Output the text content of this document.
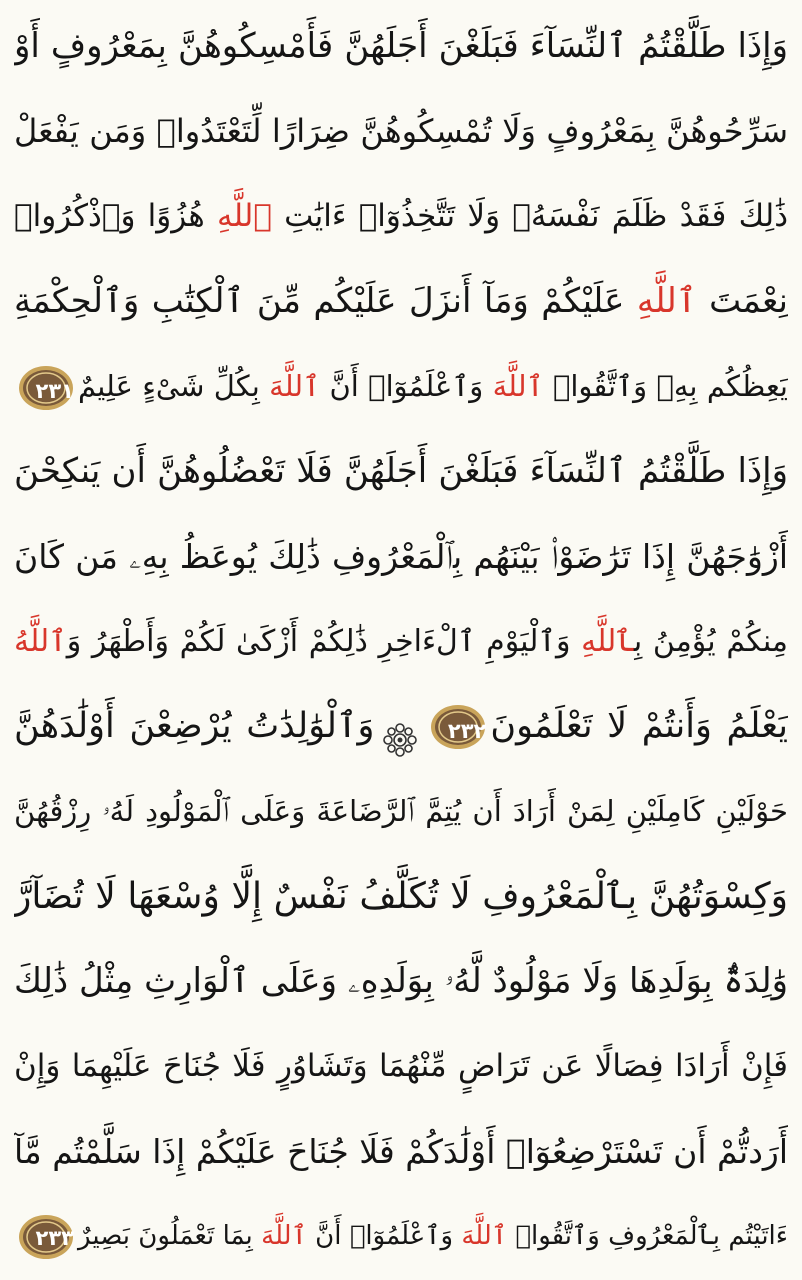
وَإِذَا طَلَّقْتُمُ ٱلنِّسَآءَ فَبَلَغْنَ أَجَلَهُنَّ فَأَمْسِكُوهُنَّ بِمَعْرُوفٍ أَوْ
سَرِّحُوهُنَّ بِمَعْرُوفٍ وَلَا تُمْسِكُوهُنَّ ضِرَارًا لِّتَعْتَدُوا۟ وَمَن يَفْعَلْ
ذَٰلِكَ فَقَدْ ظَلَمَ نَفْسَهُۥ وَلَا تَتَّخِذُوٓا۟ ءَايَٰتِ ٱللَّهِ هُزُوًا وَٱذْكُرُوا۟
نِعْمَتَ ٱللَّهِ عَلَيْكُمْ وَمَآ أَنزَلَ عَلَيْكُم مِّنَ ٱلْكِتَٰبِ وَٱلْحِكْمَةِ
يَعِظُكُم بِهِۦ وَٱتَّقُوا۟ ٱللَّهَ وَٱعْلَمُوٓا۟ أَنَّ ٱللَّهَ بِكُلِّ شَىْءٍ عَلِيمٌ
٢٣١
وَإِذَا طَلَّقْتُمُ ٱلنِّسَآءَ فَبَلَغْنَ أَجَلَهُنَّ فَلَا تَعْضُلُوهُنَّ أَن يَنكِحْنَ
أَزْوَٰجَهُنَّ إِذَا تَرَٰضَوْا۟ بَيْنَهُم بِٱلْمَعْرُوفِ ذَٰلِكَ يُوعَظُ بِهِۦ مَن كَانَ
مِنكُمْ يُؤْمِنُ بِٱللَّهِ وَٱلْيَوْمِ ٱلْءَاخِرِ ذَٰلِكُمْ أَزْكَىٰ لَكُمْ وَأَطْهَرُ وَٱللَّهُ
يَعْلَمُ وَأَنتُمْ لَا تَعْلَمُونَ
٢٣٢وَٱلْوَٰلِدَٰتُ يُرْضِعْنَ أَوْلَٰدَهُنَّ
حَوْلَيْنِ كَامِلَيْنِ لِمَنْ أَرَادَ أَن يُتِمَّ ٱلرَّضَاعَةَ وَعَلَى ٱلْمَوْلُودِ لَهُۥ رِزْقُهُنَّ
وَكِسْوَتُهُنَّ بِٱلْمَعْرُوفِ لَا تُكَلَّفُ نَفْسٌ إِلَّا وُسْعَهَا لَا تُضَآرَّ
وَٰلِدَةٌۢ بِوَلَدِهَا وَلَا مَوْلُودٌ لَّهُۥ بِوَلَدِهِۦ وَعَلَى ٱلْوَارِثِ مِثْلُ ذَٰلِكَ
فَإِنْ أَرَادَا فِصَالًا عَن تَرَاضٍ مِّنْهُمَا وَتَشَاوُرٍ فَلَا جُنَاحَ عَلَيْهِمَا وَإِنْ
أَرَدتُّمْ أَن تَسْتَرْضِعُوٓا۟ أَوْلَٰدَكُمْ فَلَا جُنَاحَ عَلَيْكُمْ إِذَا سَلَّمْتُم مَّآ
ءَاتَيْتُم بِٱلْمَعْرُوفِ وَٱتَّقُوا۟ ٱللَّهَ وَٱعْلَمُوٓا۟ أَنَّ ٱللَّهَ بِمَا تَعْمَلُونَ بَصِيرٌ
٢٣٣
